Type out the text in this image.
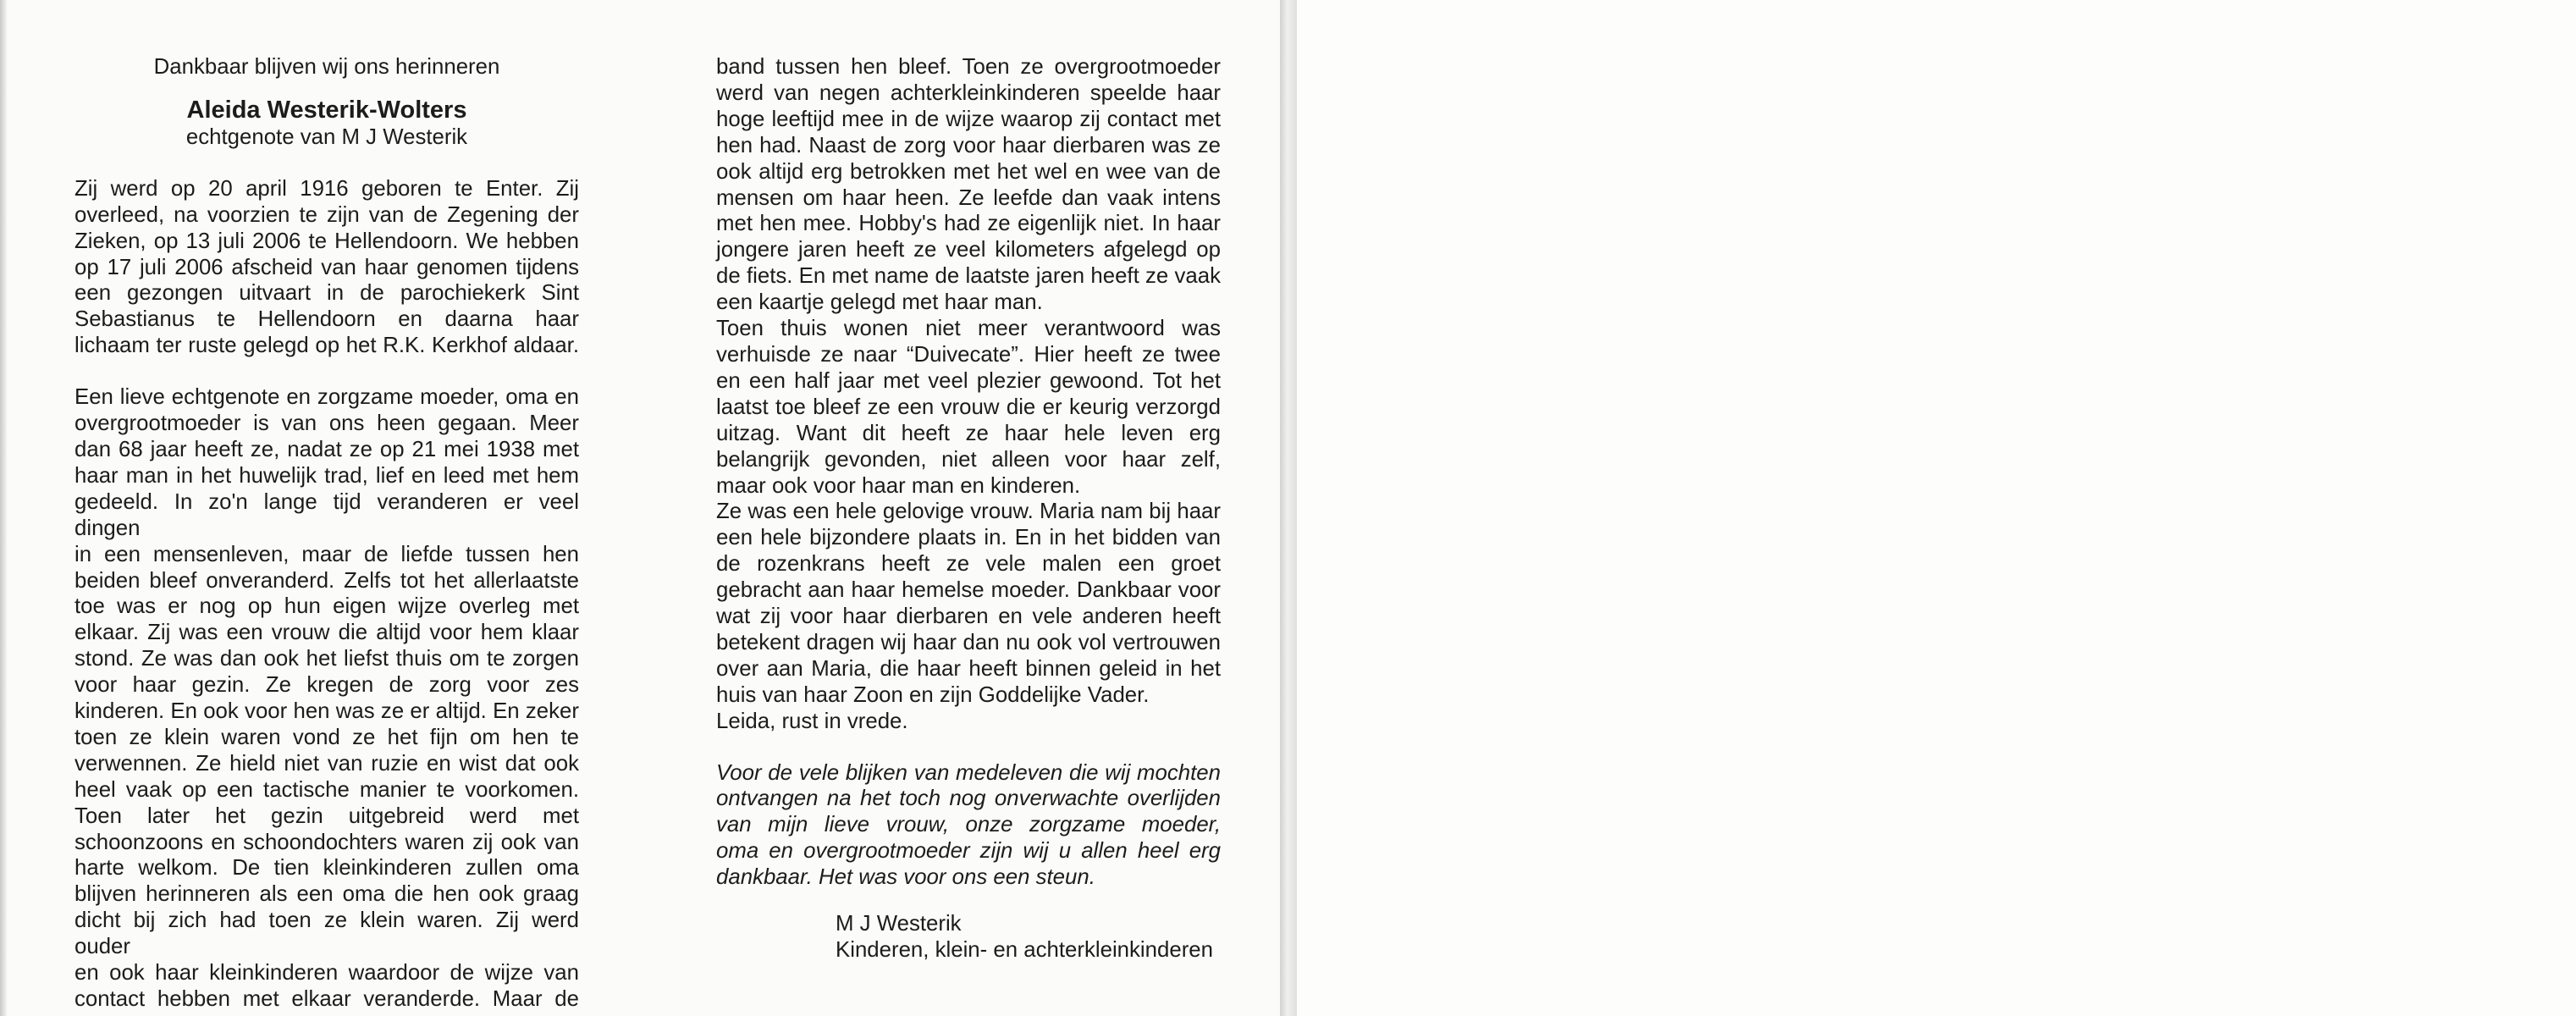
Dankbaar blijven wij ons herinneren
Aleida Westerik-Wolters
echtgenote van M J Westerik
Zij werd op 20 april 1916 geboren te Enter. Zij
overleed, na voorzien te zijn van de Zegening der
Zieken, op 13 juli 2006 te Hellendoorn. We hebben
op 17 juli 2006 afscheid van haar genomen tijdens
een gezongen uitvaart in de parochiekerk Sint
Sebastianus te Hellendoorn en daarna haar
lichaam ter ruste gelegd op het R.K. Kerkhof aldaar.
Een lieve echtgenote en zorgzame moeder, oma en
overgrootmoeder is van ons heen gegaan. Meer
dan 68 jaar heeft ze, nadat ze op 21 mei 1938 met
haar man in het huwelijk trad, lief en leed met hem
gedeeld. In zo'n lange tijd veranderen er veel dingen
in een mensenleven, maar de liefde tussen hen
beiden bleef onveranderd. Zelfs tot het allerlaatste
toe was er nog op hun eigen wijze overleg met
elkaar. Zij was een vrouw die altijd voor hem klaar
stond. Ze was dan ook het liefst thuis om te zorgen
voor haar gezin. Ze kregen de zorg voor zes
kinderen. En ook voor hen was ze er altijd. En zeker
toen ze klein waren vond ze het fijn om hen te
verwennen. Ze hield niet van ruzie en wist dat ook
heel vaak op een tactische manier te voorkomen.
Toen later het gezin uitgebreid werd met
schoonzoons en schoondochters waren zij ook van
harte welkom. De tien kleinkinderen zullen oma
blijven herinneren als een oma die hen ook graag
dicht bij zich had toen ze klein waren. Zij werd ouder
en ook haar kleinkinderen waardoor de wijze van
contact hebben met elkaar veranderde. Maar de
band tussen hen bleef. Toen ze overgrootmoeder
werd van negen achterkleinkinderen speelde haar
hoge leeftijd mee in de wijze waarop zij contact met
hen had. Naast de zorg voor haar dierbaren was ze
ook altijd erg betrokken met het wel en wee van de
mensen om haar heen. Ze leefde dan vaak intens
met hen mee. Hobby's had ze eigenlijk niet. In haar
jongere jaren heeft ze veel kilometers afgelegd op
de fiets. En met name de laatste jaren heeft ze vaak
een kaartje gelegd met haar man.
Toen thuis wonen niet meer verantwoord was
verhuisde ze naar “Duivecate”. Hier heeft ze twee
en een half jaar met veel plezier gewoond. Tot het
laatst toe bleef ze een vrouw die er keurig verzorgd
uitzag. Want dit heeft ze haar hele leven erg
belangrijk gevonden, niet alleen voor haar zelf,
maar ook voor haar man en kinderen.
Ze was een hele gelovige vrouw. Maria nam bij haar
een hele bijzondere plaats in. En in het bidden van
de rozenkrans heeft ze vele malen een groet
gebracht aan haar hemelse moeder. Dankbaar voor
wat zij voor haar dierbaren en vele anderen heeft
betekent dragen wij haar dan nu ook vol vertrouwen
over aan Maria, die haar heeft binnen geleid in het
huis van haar Zoon en zijn Goddelijke Vader.
Leida, rust in vrede.
Voor de vele blijken van medeleven die wij mochten
ontvangen na het toch nog onverwachte overlijden
van mijn lieve vrouw, onze zorgzame moeder,
oma en overgrootmoeder zijn wij u allen heel erg
dankbaar. Het was voor ons een steun.
M J Westerik
Kinderen, klein- en achterkleinkinderen
